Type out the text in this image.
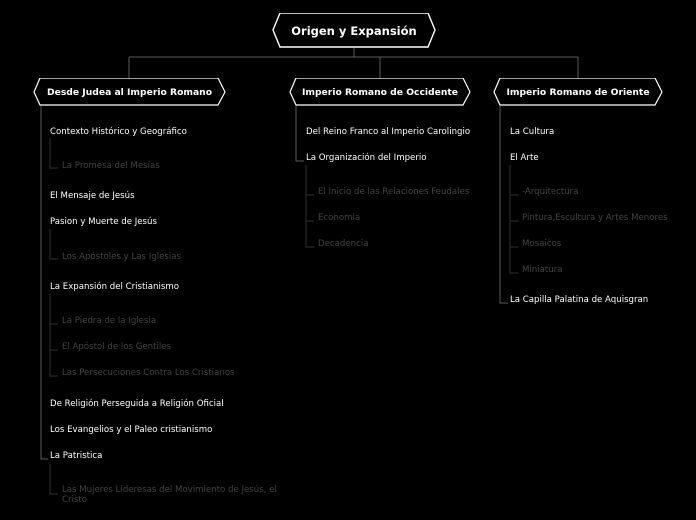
Origen y Expansión
Desde Judea al Imperio Romano	Imperio Romano de Occidente	Imperio Romano de Oriente
Contexto Histórico y Geográfico
La Promesa del Mesías
El Mensaje de Jesús
Pasion y Muerte de Jesús
Los Apóstoles y Las Iglesias
La Expansión del Cristianismo
La Piedra de la Iglesia
El Apóstol de los Gentiles
Las Persecuciones Contra Los Cristianos
De Religión Perseguida a Religión Oficial
Los Evangelios y el Paleo cristianismo
La Patristica
Las Mujeres Lideresas del Movimiento de Jesús, el Cristo
Del Reino Franco al Imperio Carolingio
La Organización del Imperio
El Inicio de las Relaciones Feudales
Economia
Decadencia
La Cultura
El Arte
-Arquitectura
Pintura,Escultura y Artes Menores
Mosaicos
Miniatura
La Capilla Palatina de Aquisgran
